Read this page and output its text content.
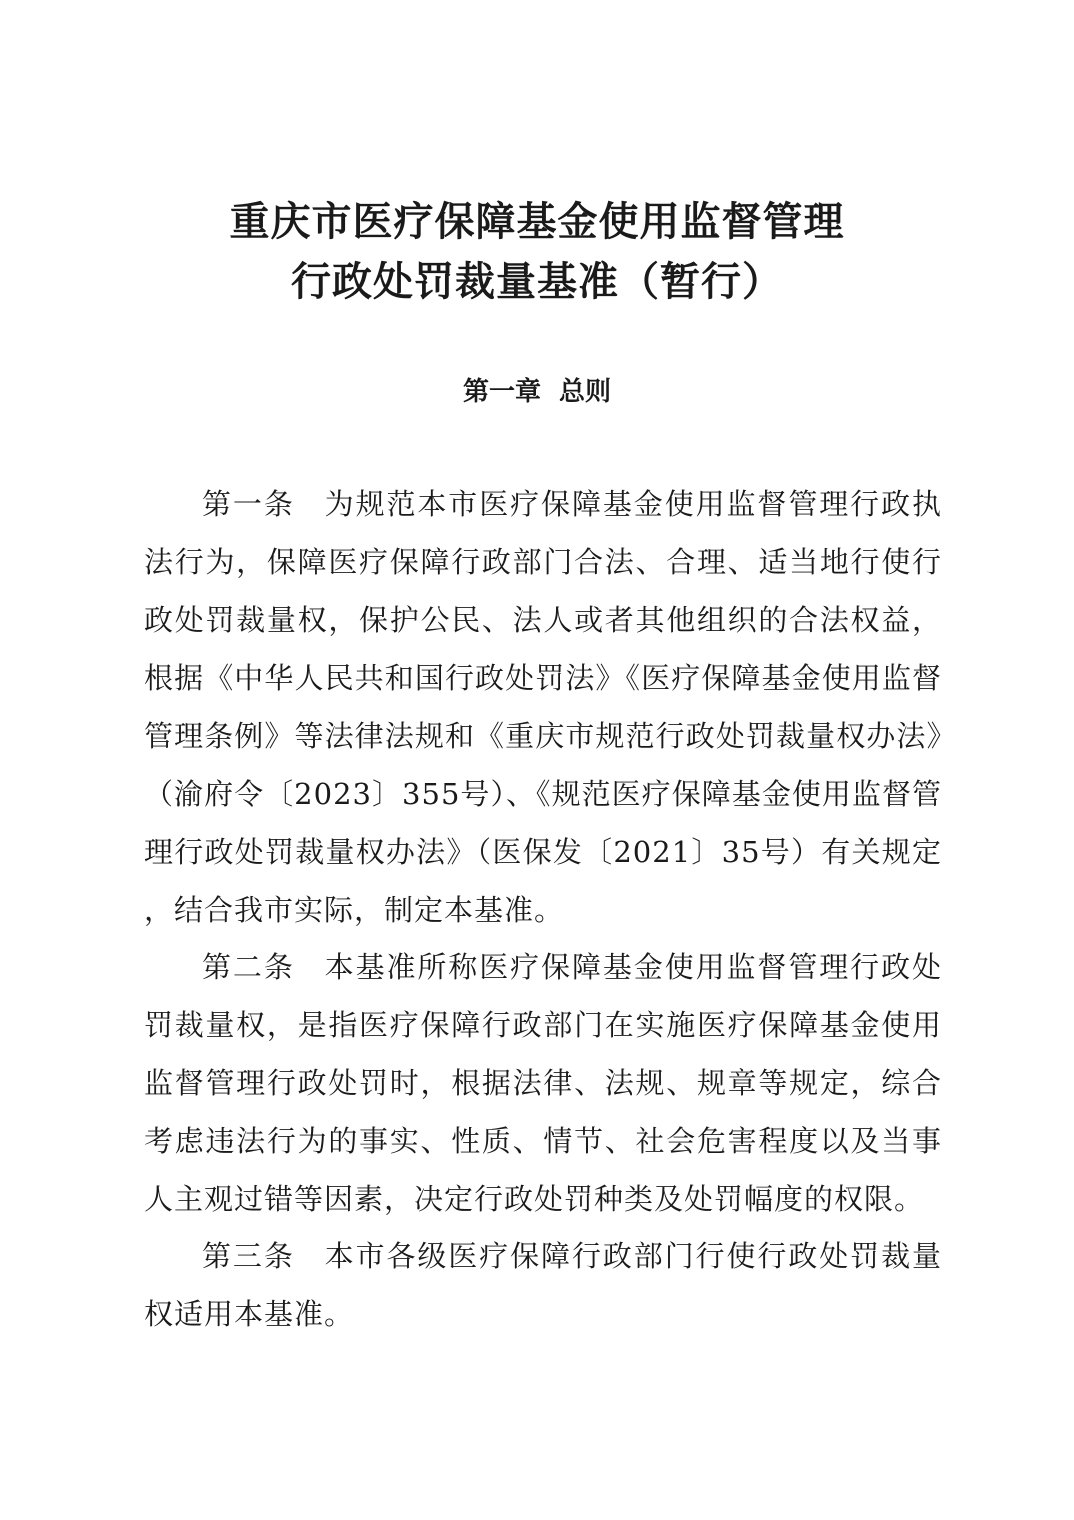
重庆市医疗保障基金使用监督管理
行政处罚裁量基准（暂行）
第一章 总则

第一条 为规范本市医疗保障基金使用监督管理行政执法行为，保障医疗保障行政部门合法、合理、适当地行使行政处罚裁量权，保护公民、法人或者其他组织的合法权益，根据《中华人民共和国行政处罚法》《医疗保障基金使用监督管理条例》等法律法规和《重庆市规范行政处罚裁量权办法》（渝府令〔2023〕355号）、《规范医疗保障基金使用监督管理行政处罚裁量权办法》（医保发〔2021〕35号）有关规定，结合我市实际，制定本基准。

第二条 本基准所称医疗保障基金使用监督管理行政处罚裁量权，是指医疗保障行政部门在实施医疗保障基金使用监督管理行政处罚时，根据法律、法规、规章等规定，综合考虑违法行为的事实、性质、情节、社会危害程度以及当事人主观过错等因素，决定行政处罚种类及处罚幅度的权限。

第三条 本市各级医疗保障行政部门行使行政处罚裁量权适用本基准。
